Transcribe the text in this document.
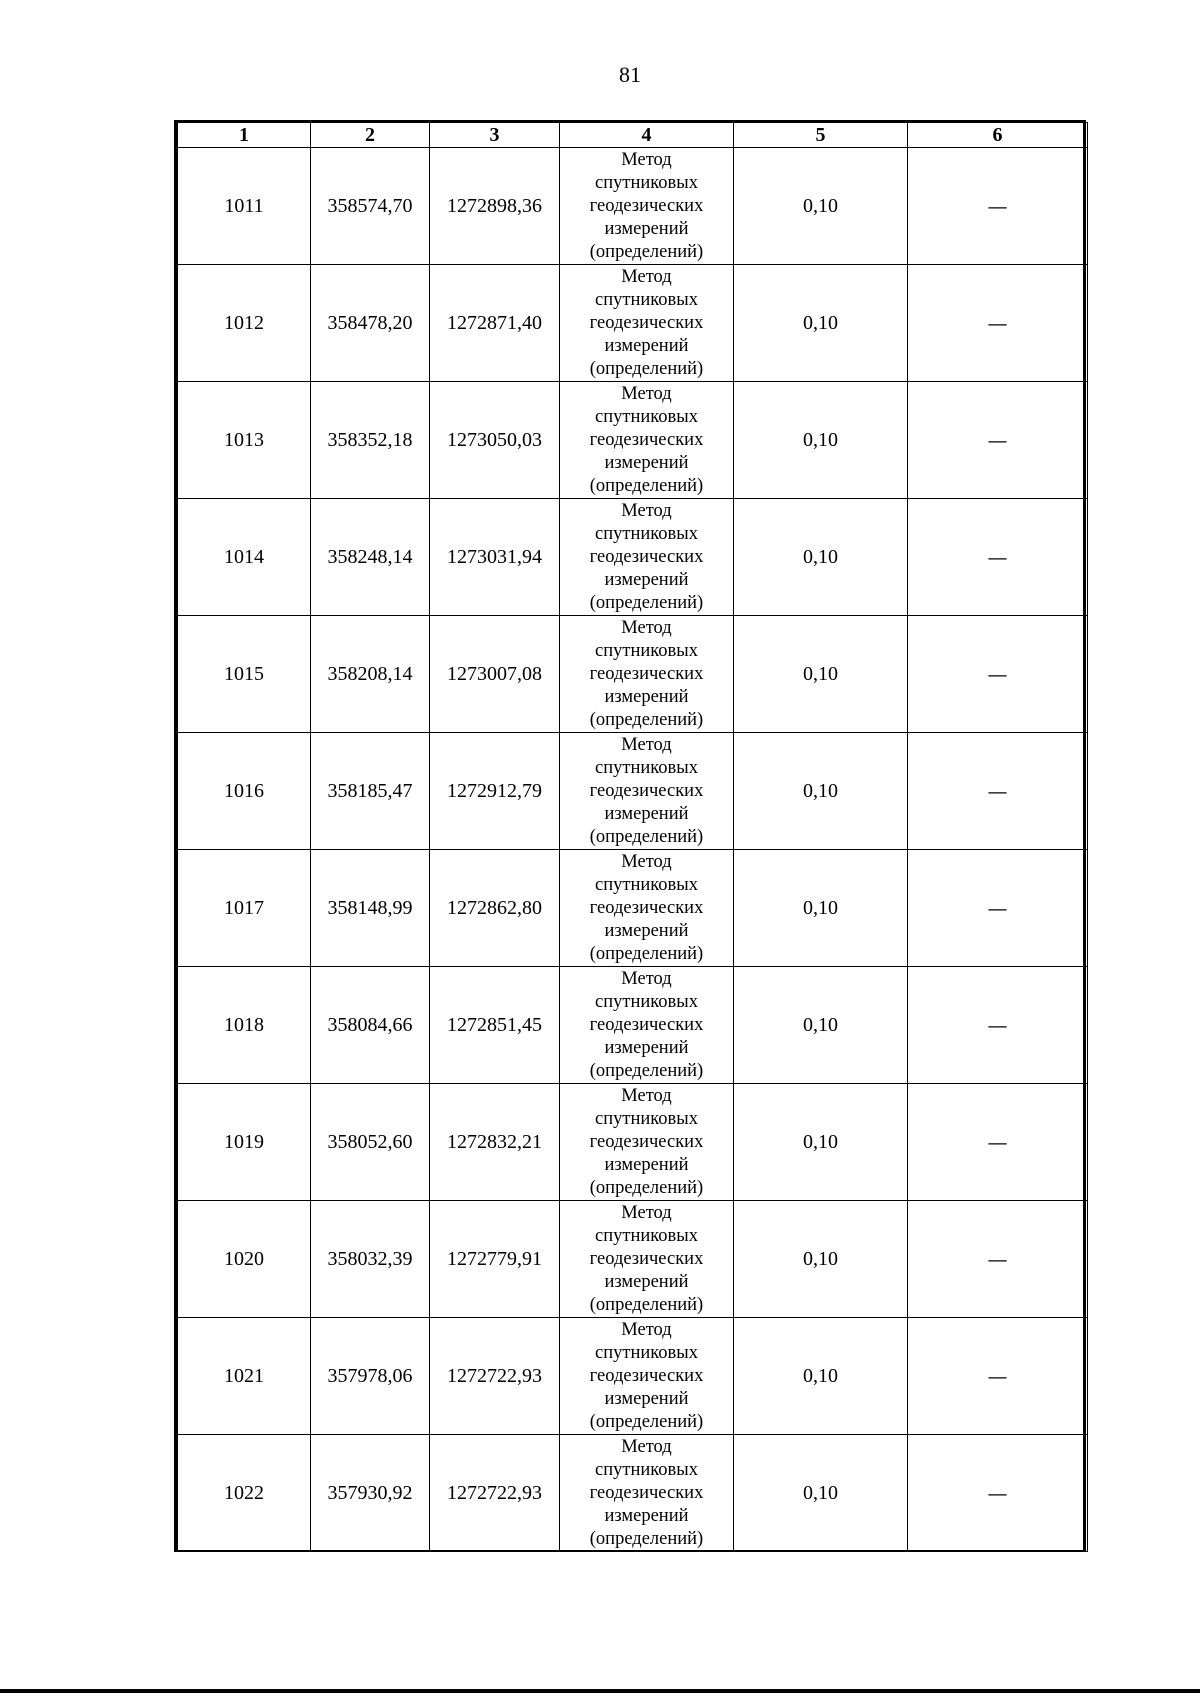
81
1	2	3	4	5	6
1011	358574,70	1272898,36	Метод
спутниковых
геодезических
измерений
(определений)	0,10	—
1012	358478,20	1272871,40	Метод
спутниковых
геодезических
измерений
(определений)	0,10	—
1013	358352,18	1273050,03	Метод
спутниковых
геодезических
измерений
(определений)	0,10	—
1014	358248,14	1273031,94	Метод
спутниковых
геодезических
измерений
(определений)	0,10	—
1015	358208,14	1273007,08	Метод
спутниковых
геодезических
измерений
(определений)	0,10	—
1016	358185,47	1272912,79	Метод
спутниковых
геодезических
измерений
(определений)	0,10	—
1017	358148,99	1272862,80	Метод
спутниковых
геодезических
измерений
(определений)	0,10	—
1018	358084,66	1272851,45	Метод
спутниковых
геодезических
измерений
(определений)	0,10	—
1019	358052,60	1272832,21	Метод
спутниковых
геодезических
измерений
(определений)	0,10	—
1020	358032,39	1272779,91	Метод
спутниковых
геодезических
измерений
(определений)	0,10	—
1021	357978,06	1272722,93	Метод
спутниковых
геодезических
измерений
(определений)	0,10	—
1022	357930,92	1272722,93	Метод
спутниковых
геодезических
измерений
(определений)	0,10	—
